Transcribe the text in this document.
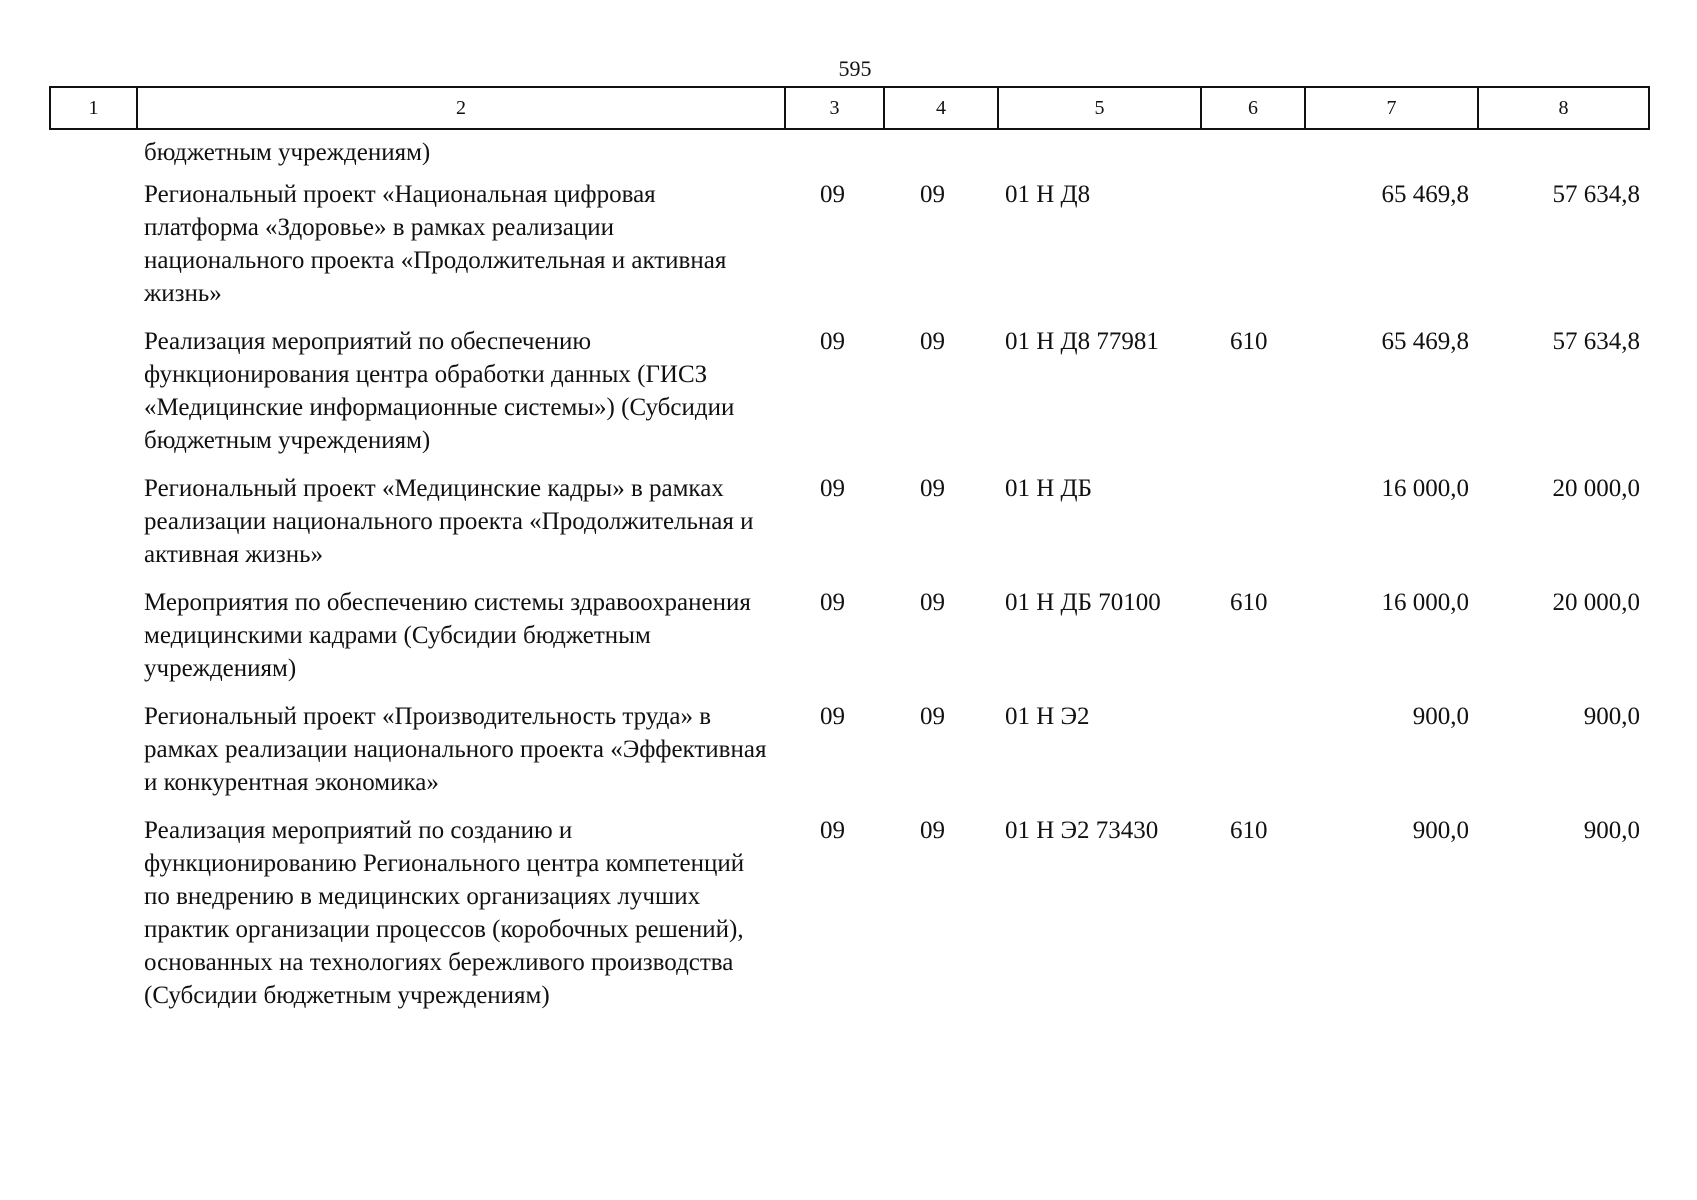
595
1	2	3	4	5	6	7	8
бюджетным учреждениям)						
Региональный проект «Национальная цифровая платформа «Здоровье» в рамках реализации национального проекта «Продолжительная и активная жизнь»	09	09	01 Н Д8		65 469,8	57 634,8
Реализация мероприятий по обеспечению функционирования центра обработки данных (ГИСЗ «Медицинские информационные системы») (Субсидии бюджетным учреждениям)	09	09	01 Н Д8 77981	610	65 469,8	57 634,8
Региональный проект «Медицинские кадры» в рамках реализации национального проекта «Продолжительная и активная жизнь»	09	09	01 Н ДБ		16 000,0	20 000,0
Мероприятия по обеспечению системы здравоохранения медицинскими кадрами (Субсидии бюджетным учреждениям)	09	09	01 Н ДБ 70100	610	16 000,0	20 000,0
Региональный проект «Производительность труда» в рамках реализации национального проекта «Эффективная и конкурентная экономика»	09	09	01 Н Э2		900,0	900,0
Реализация мероприятий по созданию и функционированию Регионального центра компетенций по внедрению в медицинских организациях лучших практик организации процессов (коробочных решений), основанных на технологиях бережливого производства (Субсидии бюджетным учреждениям)	09	09	01 Н Э2 73430	610	900,0	900,0
